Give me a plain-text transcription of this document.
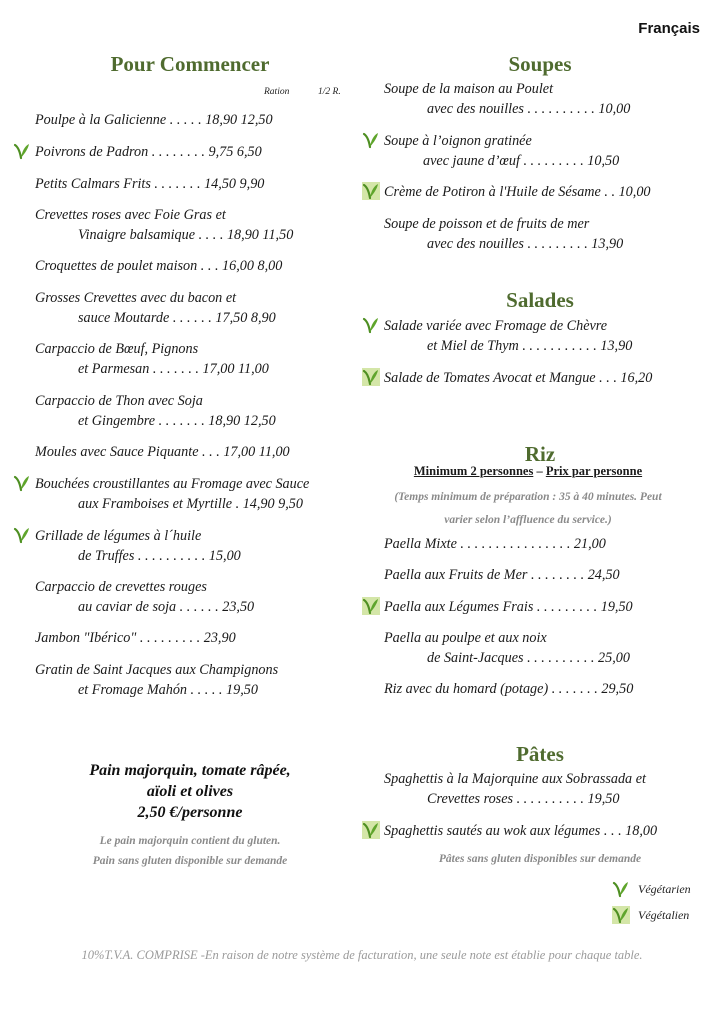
Français
Pour Commencer
Ration	1/2 R.
Poulpe à la Galicienne . . . . . 18,90 12,50
Poivrons de Padron . . . . . . . . 9,75 6,50
Petits Calmars Frits . . . . . . . 14,50 9,90
Crevettes roses avec Foie Gras et
Vinaigre balsamique . . . . 18,90 11,50
Croquettes de poulet maison . . . 16,00 8,00
Grosses Crevettes avec du bacon et
sauce Moutarde . . . . . . 17,50 8,90
Carpaccio de Bœuf, Pignons
et Parmesan . . . . . . . 17,00 11,00
Carpaccio de Thon avec Soja
et Gingembre . . . . . . . 18,90 12,50
Moules avec Sauce Piquante . . . 17,00 11,00
Bouchées croustillantes au Fromage avec Sauce
aux Framboises et Myrtille . 14,90 9,50
Grillade de légumes à l´huile
de Truffes . . . . . . . . . . 15,00
Carpaccio de crevettes rouges
au caviar de soja . . . . . . 23,50
Jambon "Ibérico" . . . . . . . . . 23,90
Gratin de Saint Jacques aux Champignons
et Fromage Mahón . . . . . 19,50
Pain majorquin, tomate râpée,
aïoli et olives
2,50 €/personne
Le pain majorquin contient du gluten.
Pain sans gluten disponible sur demande
Soupes
Soupe de la maison au Poulet
avec des nouilles . . . . . . . . . . 10,00
Soupe à l’oignon gratinée
avec jaune d’œuf . . . . . . . . . 10,50
Crème de Potiron à l'Huile de Sésame . . 10,00
Soupe de poisson et de fruits de mer
avec des nouilles . . . . . . . . . 13,90
Salades
Salade variée avec Fromage de Chèvre
et Miel de Thym . . . . . . . . . . . 13,90
Salade de Tomates Avocat et Mangue . . . 16,20
Riz
Minimum 2 personnes – Prix par personne
(Temps minimum de préparation : 35 à 40 minutes. Peut
varier selon l’affluence du service.)
Paella Mixte . . . . . . . . . . . . . . . . 21,00
Paella aux Fruits de Mer . . . . . . . . 24,50
Paella aux Légumes Frais . . . . . . . . . 19,50
Paella au poulpe et aux noix
de Saint-Jacques . . . . . . . . . . 25,00
Riz avec du homard (potage) . . . . . . . 29,50
Pâtes
Spaghettis à la Majorquine aux Sobrassada et
Crevettes roses . . . . . . . . . . 19,50
Spaghettis sautés au wok aux légumes . . . 18,00
Pâtes sans gluten disponibles sur demande
Végétarien
Végétalien
10%T.V.A. COMPRISE -En raison de notre système de facturation, une seule note est établie pour chaque table.
